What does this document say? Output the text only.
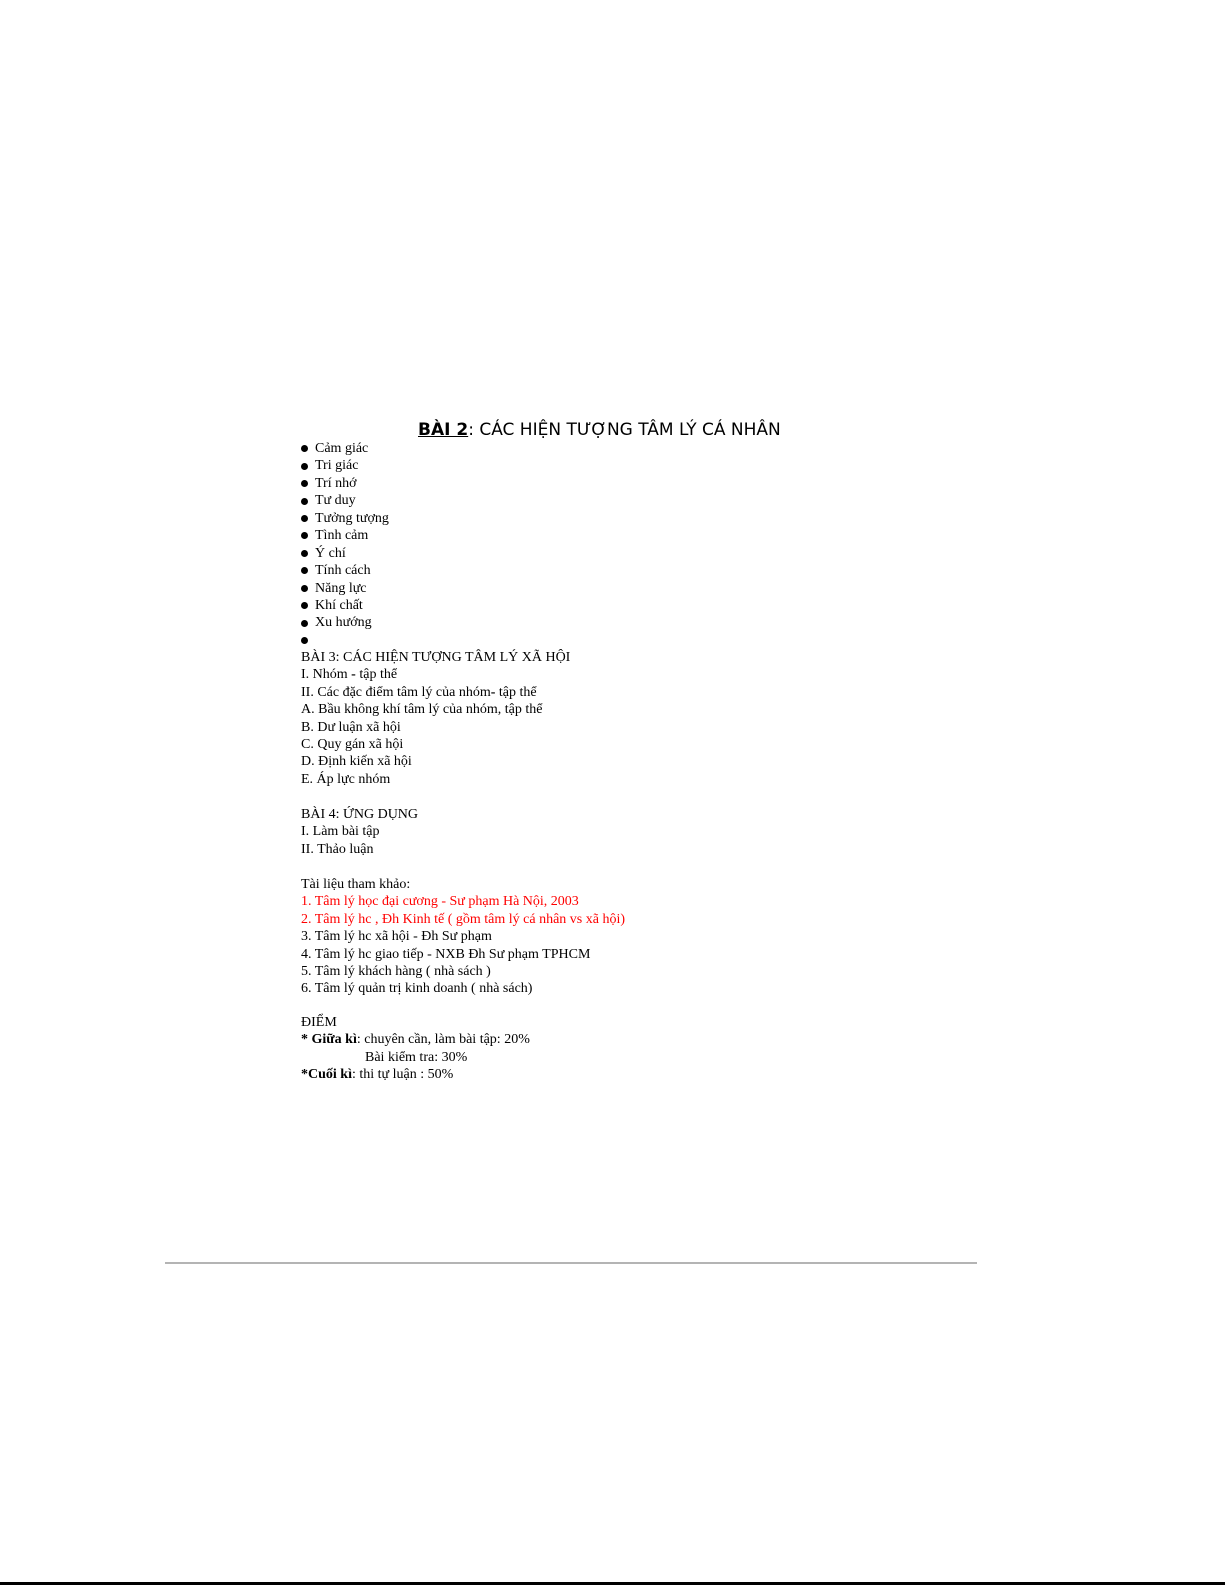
BÀI 2: CÁC HIỆN TƯỢNG TÂM LÝ CÁ NHÂN
Cảm giác
Tri giác
Trí nhớ
Tư duy
Tưởng tượng
Tình cảm
Ý chí
Tính cách
Năng lực
Khí chất
Xu hướng
BÀI 3: CÁC HIỆN TƯỢNG TÂM LÝ XÃ HỘI
I. Nhóm - tập thể
II. Các đặc điểm tâm lý của nhóm- tập thể
A. Bầu không khí tâm lý của nhóm, tập thể
B. Dư luận xã hội
C. Quy gán xã hội
D. Định kiến xã hội
E. Áp lực nhóm
BÀI 4: ỨNG DỤNG
I. Làm bài tập
II. Thảo luận
Tài liệu tham khảo:
1. Tâm lý học đại cương - Sư phạm Hà Nội, 2003
2. Tâm lý hc , Đh Kinh tế ( gồm tâm lý cá nhân vs xã hội)
3. Tâm lý hc xã hội - Đh Sư phạm
4. Tâm lý hc giao tiếp - NXB Đh Sư phạm TPHCM
5. Tâm lý khách hàng ( nhà sách )
6. Tâm lý quản trị kinh doanh ( nhà sách)
ĐIỂM
* Giữa kì: chuyên cần, làm bài tập: 20%
Bài kiểm tra: 30%
*Cuối kì: thi tự luận : 50%
